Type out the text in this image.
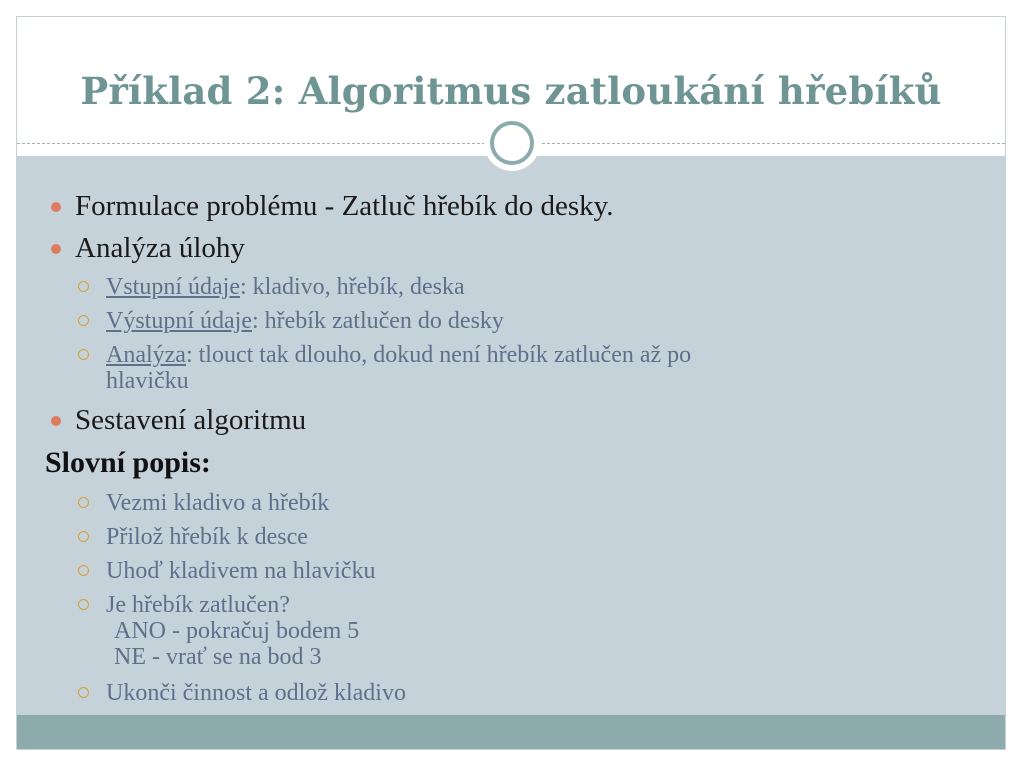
Příklad 2: Algoritmus zatloukání hřebíků
Formulace problému - Zatluč hřebík do desky.
Analýza úlohy
Vstupní údaje: kladivo, hřebík, deska
Výstupní údaje: hřebík zatlučen do desky
Analýza: tlouct tak dlouho, dokud není hřebík zatlučen až po
hlavičku
Sestavení algoritmu
Slovní popis:
Vezmi kladivo a hřebík
Přilož hřebík k desce
Uhoď kladivem na hlavičku
Je hřebík zatlučen?
ANO - pokračuj bodem 5
NE - vrať se na bod 3
Ukonči činnost a odlož kladivo
